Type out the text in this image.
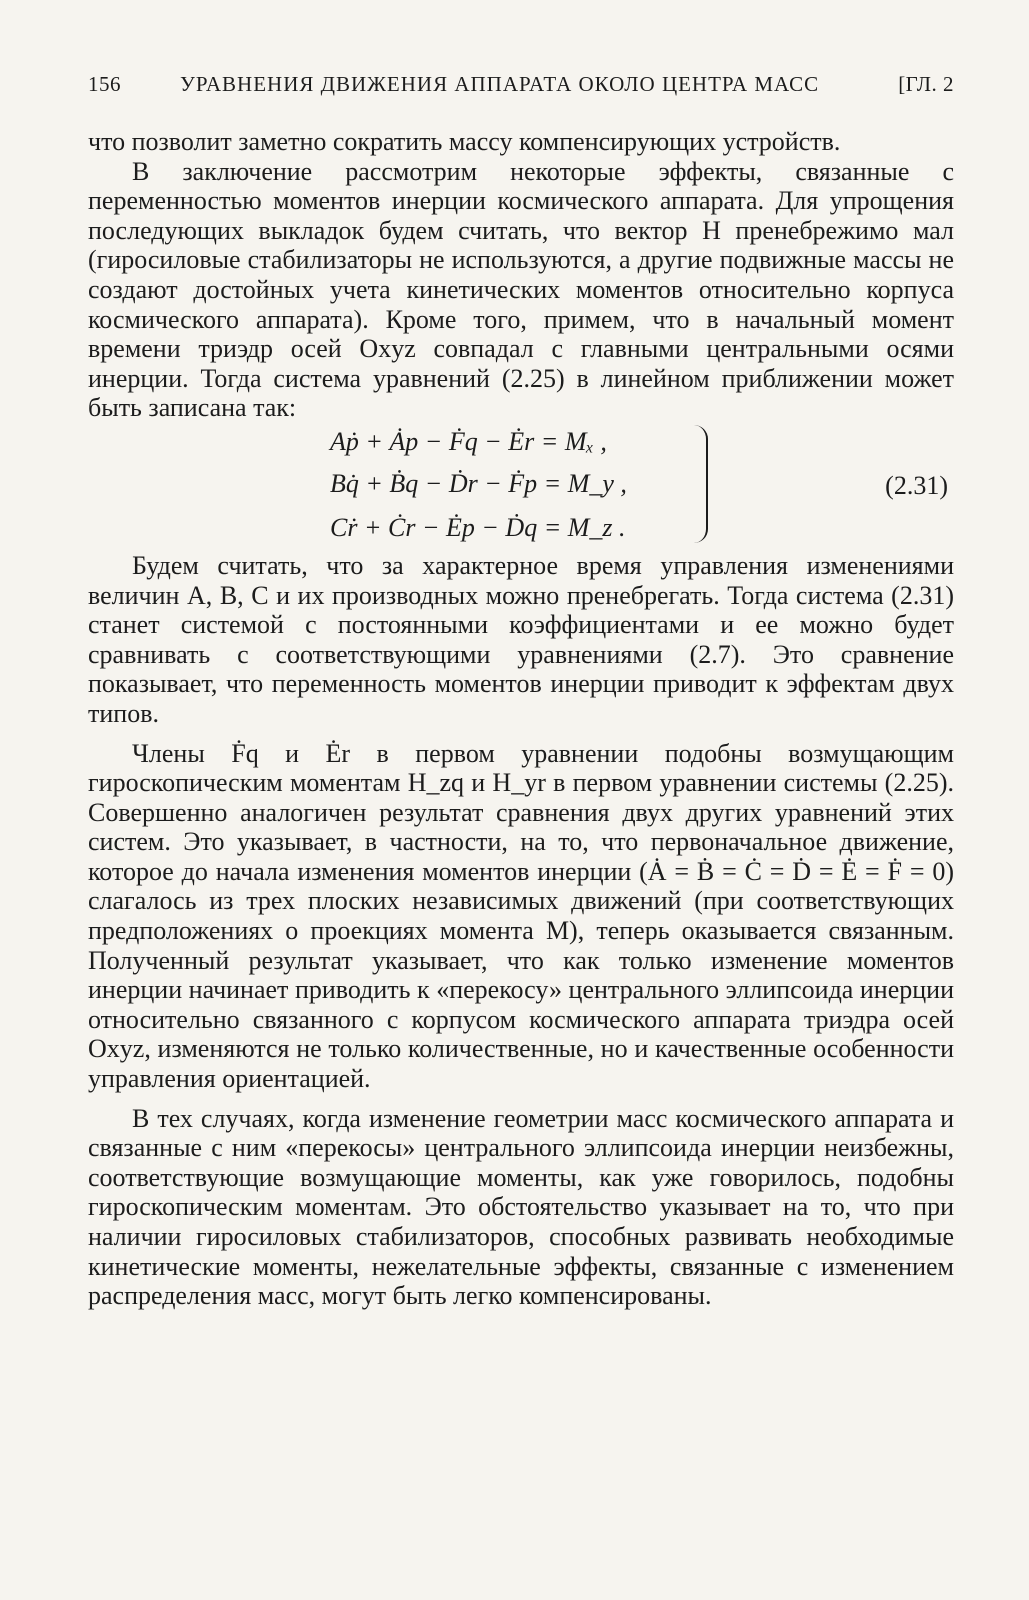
156	УРАВНЕНИЯ ДВИЖЕНИЯ АППАРАТА ОКОЛО ЦЕНТРА МАСС	[ГЛ. 2

что позволит заметно сократить массу компенсирующих устройств.

В заключение рассмотрим некоторые эффекты, связанные с переменностью моментов инерции космического аппарата. Для упрощения последующих выкладок будем считать, что вектор H пренебрежимо мал (гиросиловые стабилизаторы не используются, а другие подвижные массы не создают достойных учета кинетических моментов относительно корпуса космического аппарата). Кроме того, примем, что в начальный момент времени триэдр осей Oxyz совпадал с главными центральными осями инерции. Тогда система уравнений (2.25) в линейном приближении может быть записана так:

Aṗ + Ȧp − Ḟq − Ėr = Mₓ ,
Bq̇ + Ḃq − Ḋr − Ḟp = M_y ,
Cṙ + Ċr − Ėp − Ḋq = M_z .
(2.31)

Будем считать, что за характерное время управления изменениями величин A, B, C и их производных можно пренебрегать. Тогда система (2.31) станет системой с постоянными коэффициентами и ее можно будет сравнивать с соответствующими уравнениями (2.7). Это сравнение показывает, что переменность моментов инерции приводит к эффектам двух типов.

Члены Ḟq и Ėr в первом уравнении подобны возмущающим гироскопическим моментам H_zq и H_yr в первом уравнении системы (2.25). Совершенно аналогичен результат сравнения двух других уравнений этих систем. Это указывает, в частности, на то, что первоначальное движение, которое до начала изменения моментов инерции (Ȧ = Ḃ = Ċ = Ḋ = Ė = Ḟ = 0) слагалось из трех плоских независимых движений (при соответствующих предположениях о проекциях момента M), теперь оказывается связанным. Полученный результат указывает, что как только изменение моментов инерции начинает приводить к «перекосу» центрального эллипсоида инерции относительно связанного с корпусом космического аппарата триэдра осей Oxyz, изменяются не только количественные, но и качественные особенности управления ориентацией.

В тех случаях, когда изменение геометрии масс космического аппарата и связанные с ним «перекосы» центрального эллипсоида инерции неизбежны, соответствующие возмущающие моменты, как уже говорилось, подобны гироскопическим моментам. Это обстоятельство указывает на то, что при наличии гиросиловых стабилизаторов, способных развивать необходимые кинетические моменты, нежелательные эффекты, связанные с изменением распределения масс, могут быть легко компенсированы.
